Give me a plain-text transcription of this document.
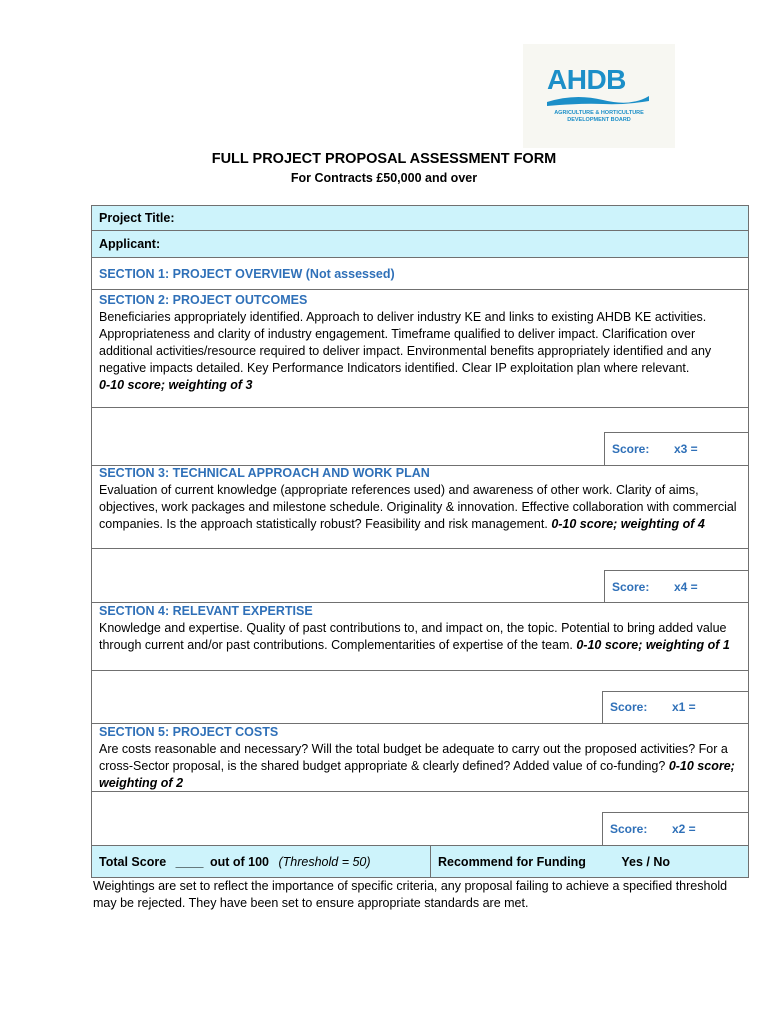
AHDB
AGRICULTURE & HORTICULTURE DEVELOPMENT BOARD
FULL PROJECT PROPOSAL ASSESSMENT FORM
For Contracts £50,000 and over
Project Title:
Applicant:
SECTION 1: PROJECT OVERVIEW (Not assessed)
SECTION 2: PROJECT OUTCOMES
Beneficiaries appropriately identified. Approach to deliver industry KE and links to existing AHDB KE activities. Appropriateness and clarity of industry engagement. Timeframe qualified to deliver impact. Clarification over additional activities/resource required to deliver impact. Environmental benefits appropriately identified and any negative impacts detailed. Key Performance Indicators identified. Clear IP exploitation plan where relevant.
0-10 score; weighting of 3
Score: x3 =
SECTION 3: TECHNICAL APPROACH AND WORK PLAN
Evaluation of current knowledge (appropriate references used) and awareness of other work. Clarity of aims, objectives, work packages and milestone schedule. Originality & innovation. Effective collaboration with commercial companies. Is the approach statistically robust? Feasibility and risk management. 0-10 score; weighting of 4
Score: x4 =
SECTION 4: RELEVANT EXPERTISE
Knowledge and expertise. Quality of past contributions to, and impact on, the topic. Potential to bring added value through current and/or past contributions. Complementarities of expertise of the team. 0-10 score; weighting of 1
Score: x1 =
SECTION 5: PROJECT COSTS
Are costs reasonable and necessary? Will the total budget be adequate to carry out the proposed activities? For a cross-Sector proposal, is the shared budget appropriate & clearly defined? Added value of co-funding? 0-10 score; weighting of 2
Score: x2 =
Total Score ____ out of 100 (Threshold = 50)	Recommend for Funding	Yes / No
Weightings are set to reflect the importance of specific criteria, any proposal failing to achieve a specified threshold may be rejected. They have been set to ensure appropriate standards are met.
